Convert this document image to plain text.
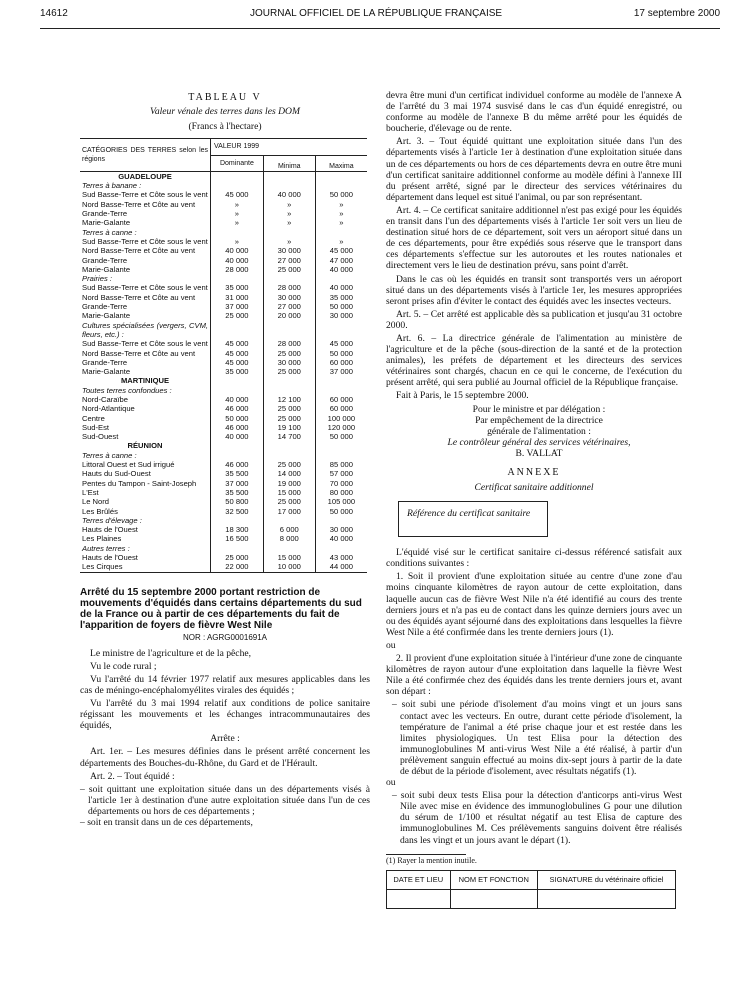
14612	JOURNAL OFFICIEL DE LA RÉPUBLIQUE FRANÇAISE	17 septembre 2000
TABLEAU V
Valeur vénale des terres dans les DOM
(Francs à l'hectare)
CATÉGORIES DES TERRES selon les régions	VALEUR 1999		
	Dominante	Minima	Maxima
GUADELOUPE			
Terres à banane :			
Sud Basse-Terre et Côte sous le vent	45 000	40 000	50 000
Nord Basse-Terre et Côte au vent	»	»	»
Grande-Terre	»	»	»
Marie-Galante	»	»	»
Terres à canne :			
Sud Basse-Terre et Côte sous le vent	»	»	»
Nord Basse-Terre et Côte au vent	40 000	30 000	45 000
Grande-Terre	40 000	27 000	47 000
Marie-Galante	28 000	25 000	40 000
Prairies :			
Sud Basse-Terre et Côte sous le vent	35 000	28 000	40 000
Nord Basse-Terre et Côte au vent	31 000	30 000	35 000
Grande-Terre	37 000	27 000	50 000
Marie-Galante	25 000	20 000	30 000
Cultures spécialisées (vergers, CVM, fleurs, etc.) :			
Sud Basse-Terre et Côte sous le vent	45 000	28 000	45 000
Nord Basse-Terre et Côte au vent	45 000	25 000	50 000
Grande-Terre	45 000	30 000	60 000
Marie-Galante	35 000	25 000	37 000
MARTINIQUE			
Toutes terres confondues :			
Nord-Caraïbe	40 000	12 100	60 000
Nord-Atlantique	46 000	25 000	60 000
Centre	50 000	25 000	100 000
Sud-Est	46 000	19 100	120 000
Sud-Ouest	40 000	14 700	50 000
RÉUNION			
Terres à canne :			
Littoral Ouest et Sud irrigué	46 000	25 000	85 000
Hauts du Sud-Ouest	35 500	14 000	57 000
Pentes du Tampon - Saint-Joseph	37 000	19 000	70 000
L'Est	35 500	15 000	80 000
Le Nord	50 800	25 000	105 000
Les Brûlés	32 500	17 000	50 000
Terres d'élevage :			
Hauts de l'Ouest	18 300	6 000	30 000
Les Plaines	16 500	8 000	40 000
Autres terres :			
Hauts de l'Ouest	25 000	15 000	43 000
Les Cirques	22 000	10 000	44 000
Arrêté du 15 septembre 2000 portant restriction de mouvements d'équidés dans certains départements du sud de la France ou à partir de ces départements du fait de l'apparition de foyers de fièvre West Nile
NOR : AGRG0001691A

Le ministre de l'agriculture et de la pêche,

Vu le code rural ;

Vu l'arrêté du 14 février 1977 relatif aux mesures applicables dans les cas de méningo-encéphalomyélites virales des équidés ;

Vu l'arrêté du 3 mai 1994 relatif aux conditions de police sanitaire régissant les mouvements et les échanges intracommunautaires des équidés,

Arrête :

Art. 1er. – Les mesures définies dans le présent arrêté concernent les départements des Bouches-du-Rhône, du Gard et de l'Hérault.

Art. 2. – Tout équidé :

– soit quittant une exploitation située dans un des départements visés à l'article 1er à destination d'une autre exploitation située dans l'un de ces départements ou hors de ces départements ;

– soit en transit dans un de ces départements,

devra être muni d'un certificat individuel conforme au modèle de l'annexe A de l'arrêté du 3 mai 1974 susvisé dans le cas d'un équidé enregistré, ou conforme au modèle de l'annexe B du même arrêté pour les équidés de boucherie, d'élevage ou de rente.

Art. 3. – Tout équidé quittant une exploitation située dans l'un des départements visés à l'article 1er à destination d'une exploitation située dans un de ces départements ou hors de ces départements devra en outre être muni d'un certificat sanitaire additionnel conforme au modèle défini à l'annexe III du présent arrêté, signé par le directeur des services vétérinaires du département dans lequel est situé l'animal, ou par son représentant.

Art. 4. – Ce certificat sanitaire additionnel n'est pas exigé pour les équidés en transit dans l'un des départements visés à l'article 1er soit vers un lieu de destination situé hors de ce département, soit vers un aéroport situé dans un de ces départements, pour être expédiés sous réserve que le transport dans ces départements s'effectue sur les autoroutes et les routes nationales et directement vers le lieu de destination prévu, sans point d'arrêt.

Dans le cas où les équidés en transit sont transportés vers un aéroport situé dans un des départements visés à l'article 1er, les mesures appropriées seront prises afin d'éviter le contact des équidés avec les insectes vecteurs.

Art. 5. – Cet arrêté est applicable dès sa publication et jusqu'au 31 octobre 2000.

Art. 6. – La directrice générale de l'alimentation au ministère de l'agriculture et de la pêche (sous-direction de la santé et de la protection animales), les préfets de département et les directeurs des services vétérinaires sont chargés, chacun en ce qui le concerne, de l'exécution du présent arrêté, qui sera publié au Journal officiel de la République française.

Fait à Paris, le 15 septembre 2000.

Pour le ministre et par délégation :

Par empêchement de la directrice

générale de l'alimentation :

Le contrôleur général des services vétérinaires,

B. VALLAT

ANNEXE
Certificat sanitaire additionnel
Référence du certificat sanitaire

L'équidé visé sur le certificat sanitaire ci-dessus référencé satisfait aux conditions suivantes :

1. Soit il provient d'une exploitation située au centre d'une zone d'au moins cinquante kilomètres de rayon autour de cette exploitation, dans laquelle aucun cas de fièvre West Nile n'a été identifié au cours des trente derniers jours et n'a pas eu de contact dans les quinze derniers jours avec un ou des équidés ayant séjourné dans des exploitations dans lesquelles la fièvre West Nile a été confirmée dans les trente derniers jours (1).

ou

2. Il provient d'une exploitation située à l'intérieur d'une zone de cinquante kilomètres de rayon autour d'une exploitation dans laquelle la fièvre West Nile a été confirmée chez des équidés dans les trente derniers jours et, avant son départ :

– soit subi une période d'isolement d'au moins vingt et un jours sans contact avec les vecteurs. En outre, durant cette période d'isolement, la température de l'animal a été prise chaque jour et est restée dans les limites physiologiques. Un test Elisa pour la détection des immunoglobulines M anti-virus West Nile a été réalisé, à partir d'un prélèvement sanguin effectué au moins dix-sept jours à partir de la date de début de la période d'isolement, avec résultats négatifs (1).

ou

– soit subi deux tests Elisa pour la détection d'anticorps anti-virus West Nile avec mise en évidence des immunoglobulines G pour une dilution du sérum de 1/100 et résultat négatif au test Elisa de capture des immunoglobulines M. Ces prélèvements sanguins doivent être réalisés dans les vingt et un jours avant le départ (1).

(1) Rayer la mention inutile.

DATE ET LIEU	NOM ET FONCTION	SIGNATURE du vétérinaire officiel
